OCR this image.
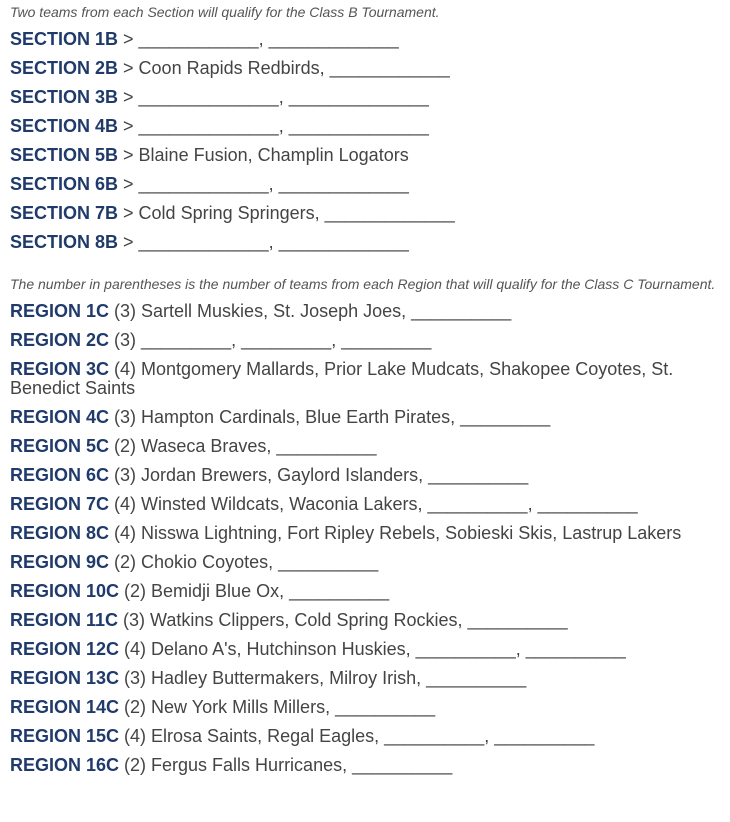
Two teams from each Section will qualify for the Class B Tournament.

SECTION 1B > ____________, _____________
SECTION 2B > Coon Rapids Redbirds, ____________
SECTION 3B > ______________, ______________
SECTION 4B > ______________, ______________
SECTION 5B > Blaine Fusion, Champlin Logators
SECTION 6B > _____________, _____________
SECTION 7B > Cold Spring Springers, _____________
SECTION 8B > _____________, _____________

The number in parentheses is the number of teams from each Region that will qualify for the Class C Tournament.

REGION 1C (3) Sartell Muskies, St. Joseph Joes, __________
REGION 2C (3) _________, _________, _________
REGION 3C (4) Montgomery Mallards, Prior Lake Mudcats, Shakopee Coyotes, St. Benedict Saints
REGION 4C (3) Hampton Cardinals, Blue Earth Pirates, _________
REGION 5C (2) Waseca Braves, __________
REGION 6C (3) Jordan Brewers, Gaylord Islanders, __________
REGION 7C (4) Winsted Wildcats, Waconia Lakers, __________, __________
REGION 8C (4) Nisswa Lightning, Fort Ripley Rebels, Sobieski Skis, Lastrup Lakers
REGION 9C (2) Chokio Coyotes, __________
REGION 10C (2) Bemidji Blue Ox, __________
REGION 11C (3) Watkins Clippers, Cold Spring Rockies, __________
REGION 12C (4) Delano A's, Hutchinson Huskies, __________, __________
REGION 13C (3) Hadley Buttermakers, Milroy Irish, __________
REGION 14C (2) New York Mills Millers, __________
REGION 15C (4) Elrosa Saints, Regal Eagles, __________, __________
REGION 16C (2) Fergus Falls Hurricanes, __________
